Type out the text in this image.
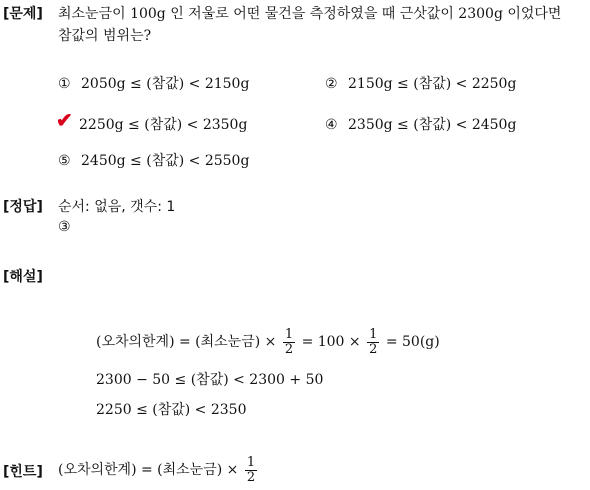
[문제] 최소눈금이 100g 인 저울로 어떤 물건을 측정하였을 때 근삿값이 2300g 이었다면
참값의 범위는?
① 2050g ≤ (참값) < 2150g	② 2150g ≤ (참값) < 2250g
✔ 2250g ≤ (참값) < 2350g	④ 2350g ≤ (참값) < 2450g
⑤ 2450g ≤ (참값) < 2550g
[정답] 순서: 없음, 갯수: 1
③
[해설]
(오차의한계) = (최소눈금) × $\frac{1}{2} = 100 \times \frac{1}{2} = 50(g)$
2300 − 50 ≤ (참값) < 2300 + 50
2250 ≤ (참값) < 2350
[힌트] (오차의한계) = (최소눈금) × $\frac{1}{2}$
